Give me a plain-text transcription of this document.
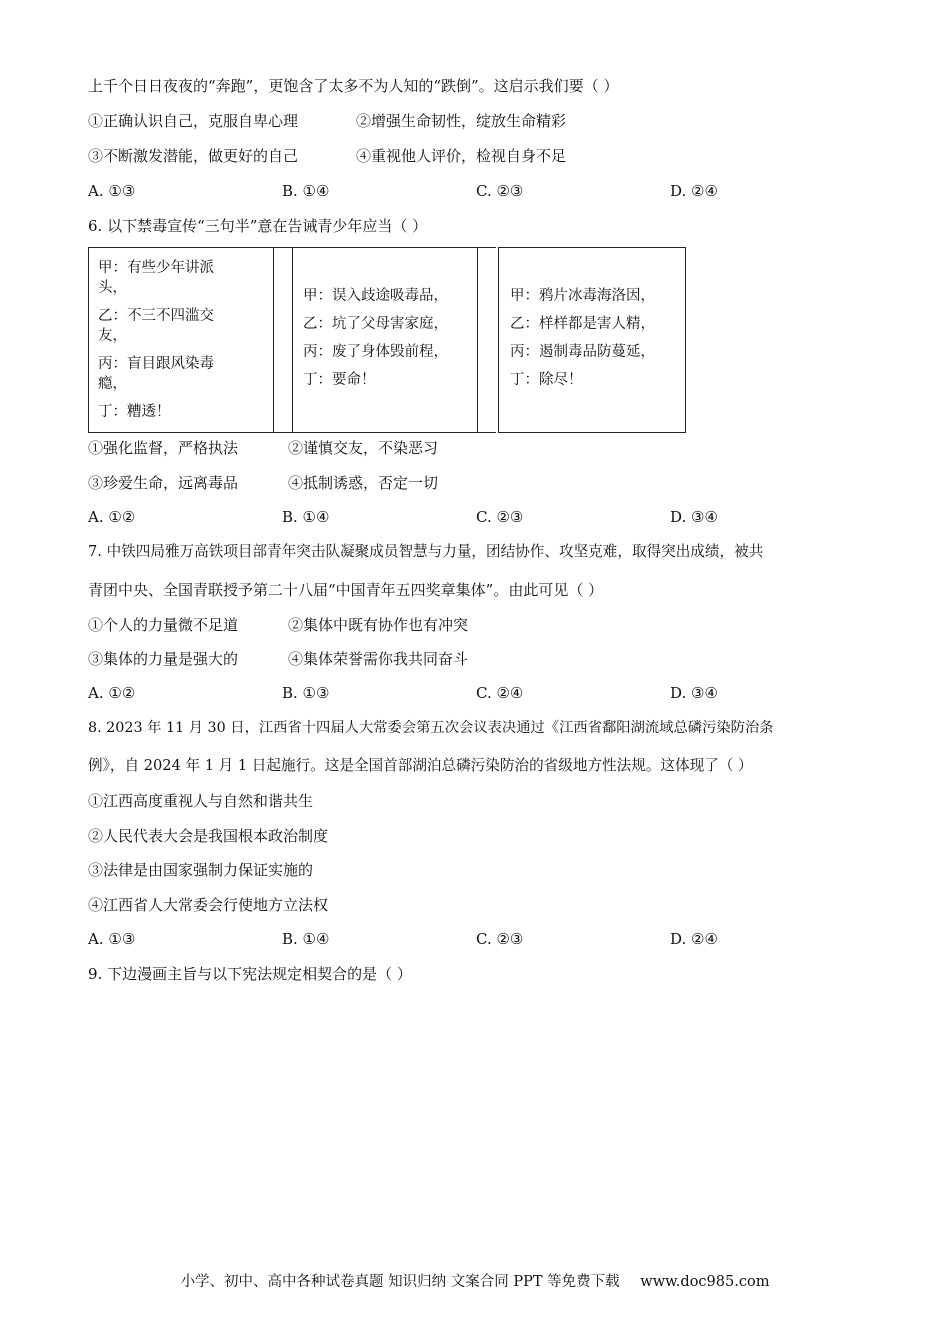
上千个日日夜夜的“奔跑”，更饱含了太多不为人知的“跌倒”。这启示我们要（ ）
①正确认识自己，克服自卑心理	②增强生命韧性，绽放生命精彩
③不断激发潜能，做更好的自己	④重视他人评价，检视自身不足
A. ①③	B. ①④	C. ②③	D. ②④
6. 以下禁毒宣传“三句半”意在告诫青少年应当（ ）
甲：有些少年讲派
头，
乙：不三不四滥交
友，
丙：盲目跟风染毒
瘾，
丁：糟透！
甲：误入歧途吸毒品，
乙：坑了父母害家庭，
丙：废了身体毁前程，
丁：要命！
甲：鸦片冰毒海洛因，
乙：样样都是害人精，
丙：遏制毒品防蔓延，
丁：除尽！
①强化监督，严格执法	②谨慎交友，不染恶习
③珍爱生命，远离毒品	④抵制诱惑，否定一切
A. ①②	B. ①④	C. ②③	D. ③④
7. 中铁四局雅万高铁项目部青年突击队凝聚成员智慧与力量，团结协作、攻坚克难，取得突出成绩，被共
青团中央、全国青联授予第二十八届“中国青年五四奖章集体”。由此可见（ ）
①个人的力量微不足道	②集体中既有协作也有冲突
③集体的力量是强大的	④集体荣誉需你我共同奋斗
A. ①②	B. ①③	C. ②④	D. ③④
8. 2023 年 11 月 30 日，江西省十四届人大常委会第五次会议表决通过《江西省鄱阳湖流域总磷污染防治条
例》，自 2024 年 1 月 1 日起施行。这是全国首部湖泊总磷污染防治的省级地方性法规。这体现了（ ）
①江西高度重视人与自然和谐共生
②人民代表大会是我国根本政治制度
③法律是由国家强制力保证实施的
④江西省人大常委会行使地方立法权
A. ①③	B. ①④	C. ②③	D. ②④
9. 下边漫画主旨与以下宪法规定相契合的是（ ）
小学、初中、高中各种试卷真题 知识归纳 文案合同 PPT 等免费下载 www.doc985.com
